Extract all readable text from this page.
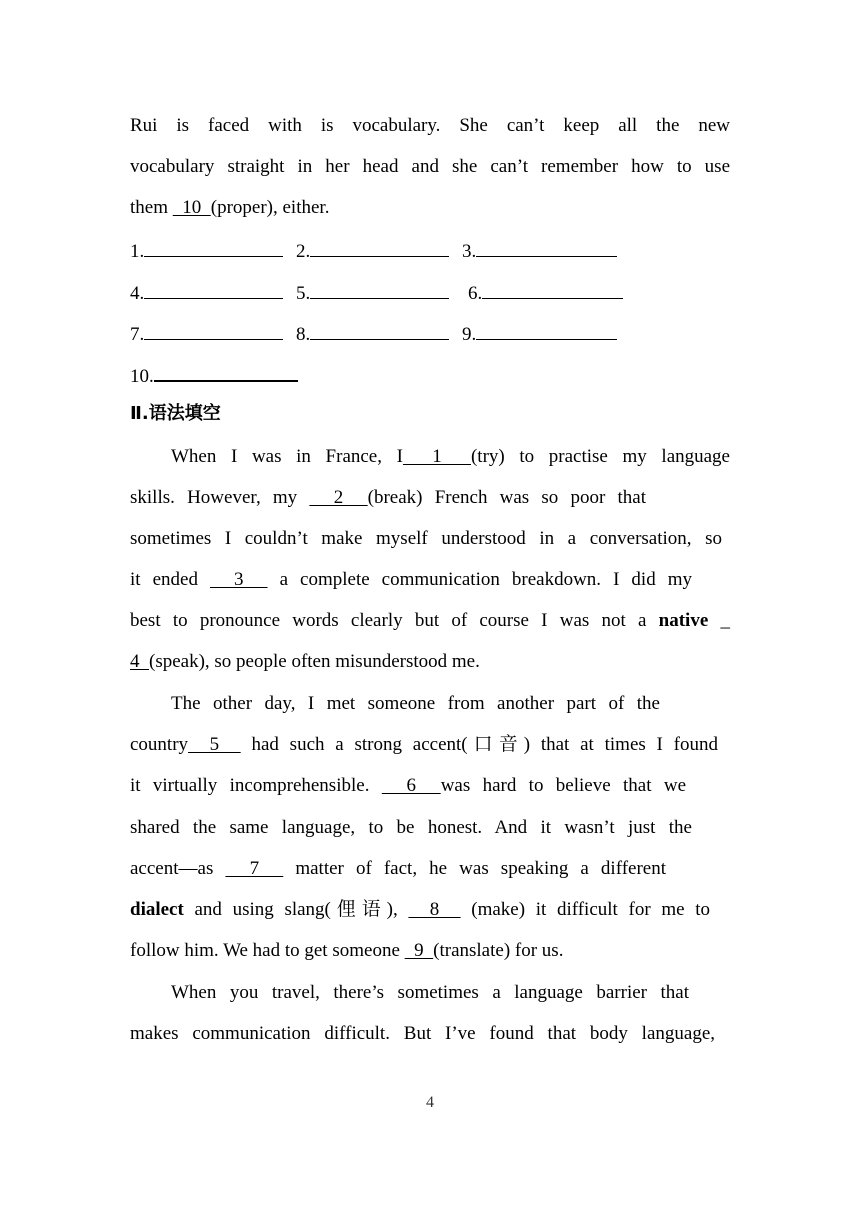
Rui is faced with is vocabulary. She can’t keep all the new
vocabulary straight in her head and she can’t remember how to use
them   10  (proper), either.
1.	2.	3.
4.	5.	6.
7.	8.	9.
10.
Ⅱ.语法填空
When I was in France, I  1  (try) to practise my language
skills. However, my   2  (break) French was so poor that
sometimes I couldn’t make myself understood in a conversation, so
it ended   3   a complete communication breakdown. I did my
best to pronounce words clearly but of course I was not a native _
4  (speak), so people often misunderstood me.
The other day, I met someone from another part of the
country  5   had such a strong accent(口音) that at times I found
it virtually incomprehensible.   6  was hard to believe that we
shared the same language, to be honest. And it wasn’t just the
accent—as   7   matter of fact, he was speaking a different
dialect and using slang(俚语),   8   (make) it difficult for me to
follow him. We had to get someone   9  (translate) for us.
When you travel, there’s sometimes a language barrier that
makes communication difficult. But I’ve found that body language,
4
